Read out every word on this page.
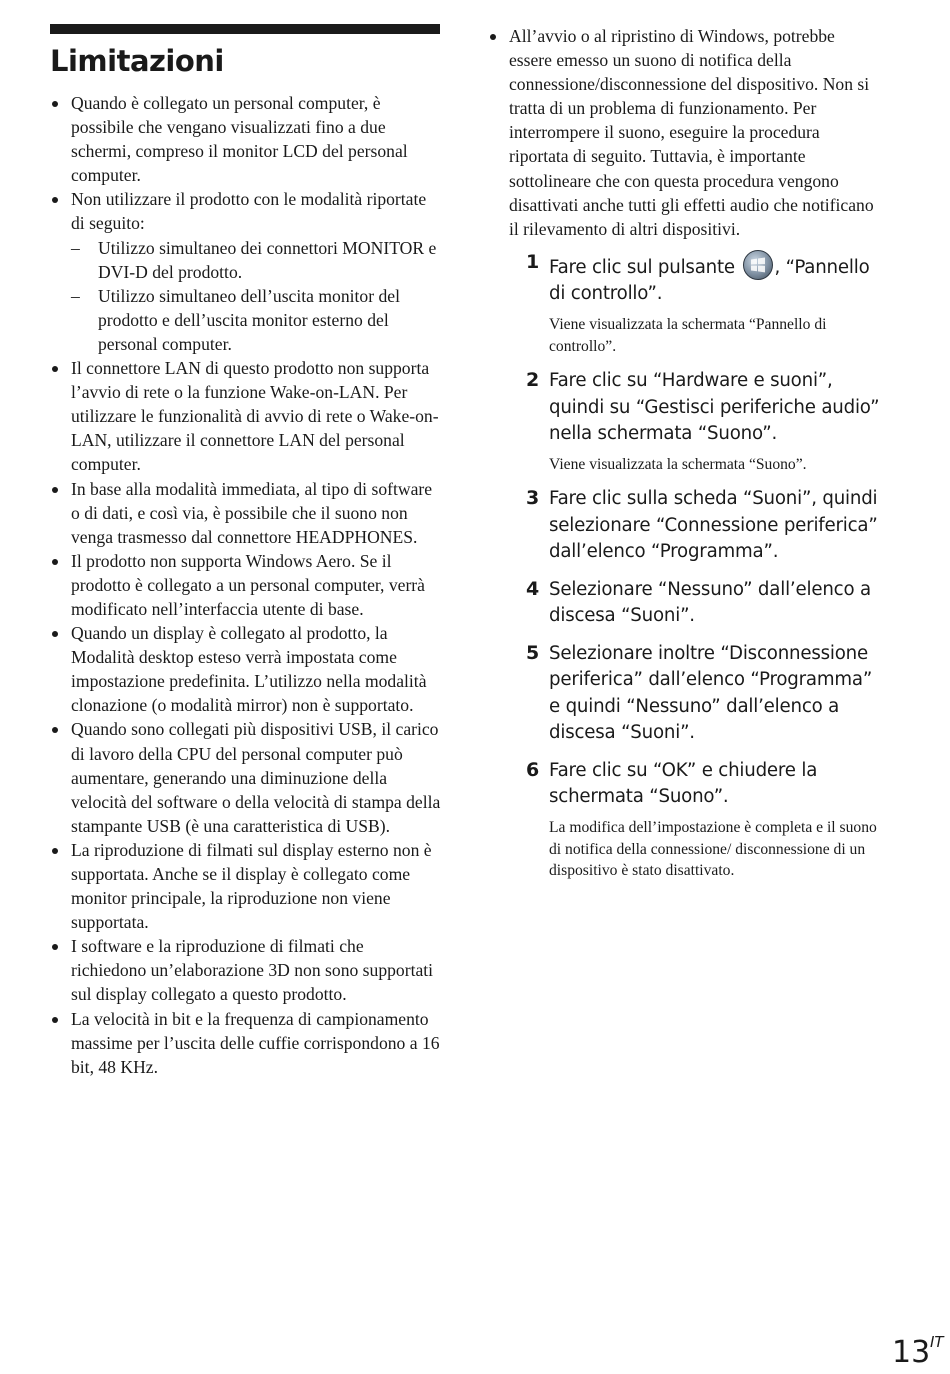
Limitazioni
Quando è collegato un personal computer, è possibile che vengano visualizzati fino a due schermi, compreso il monitor LCD del personal computer.
Non utilizzare il prodotto con le modalità riportate di seguito:
– Utilizzo simultaneo dei connettori MONITOR e DVI-D del prodotto.
– Utilizzo simultaneo dell’uscita monitor del prodotto e dell’uscita monitor esterno del personal computer.
Il connettore LAN di questo prodotto non supporta l’avvio di rete o la funzione Wake-on-LAN. Per utilizzare le funzionalità di avvio di rete o Wake-on-LAN, utilizzare il connettore LAN del personal computer.
In base alla modalità immediata, al tipo di software o di dati, e così via, è possibile che il suono non venga trasmesso dal connettore HEADPHONES.
Il prodotto non supporta Windows Aero. Se il prodotto è collegato a un personal computer, verrà modificato nell’interfaccia utente di base.
Quando un display è collegato al prodotto, la Modalità desktop esteso verrà impostata come impostazione predefinita. L’utilizzo nella modalità clonazione (o modalità mirror) non è supportato.
Quando sono collegati più dispositivi USB, il carico di lavoro della CPU del personal computer può aumentare, generando una diminuzione della velocità del software o della velocità di stampa della stampante USB (è una caratteristica di USB).
La riproduzione di filmati sul display esterno non è supportata. Anche se il display è collegato come monitor principale, la riproduzione non viene supportata.
I software e la riproduzione di filmati che richiedono un’elaborazione 3D non sono supportati sul display collegato a questo prodotto.
La velocità in bit e la frequenza di campionamento massime per l’uscita delle cuffie corrispondono a 16 bit, 48 KHz.
All’avvio o al ripristino di Windows, potrebbe essere emesso un suono di notifica della connessione/disconnessione del dispositivo. Non si tratta di un problema di funzionamento. Per interrompere il suono, eseguire la procedura riportata di seguito. Tuttavia, è importante sottolineare che con questa procedura vengono disattivati anche tutti gli effetti audio che notificano il rilevamento di altri dispositivi.
1 Fare clic sul pulsante , “Pannello di controllo”.
Viene visualizzata la schermata “Pannello di controllo”.
2 Fare clic su “Hardware e suoni”, quindi su “Gestisci periferiche audio” nella schermata “Suono”.
Viene visualizzata la schermata “Suono”.
3 Fare clic sulla scheda “Suoni”, quindi selezionare “Connessione periferica” dall’elenco “Programma”.
4 Selezionare “Nessuno” dall’elenco a discesa “Suoni”.
5 Selezionare inoltre “Disconnessione periferica” dall’elenco “Programma” e quindi “Nessuno” dall’elenco a discesa “Suoni”.
6 Fare clic su “OK” e chiudere la schermata “Suono”.
La modifica dell’impostazione è completa e il suono di notifica della connessione/ disconnessione di un dispositivo è stato disattivato.
13 IT
